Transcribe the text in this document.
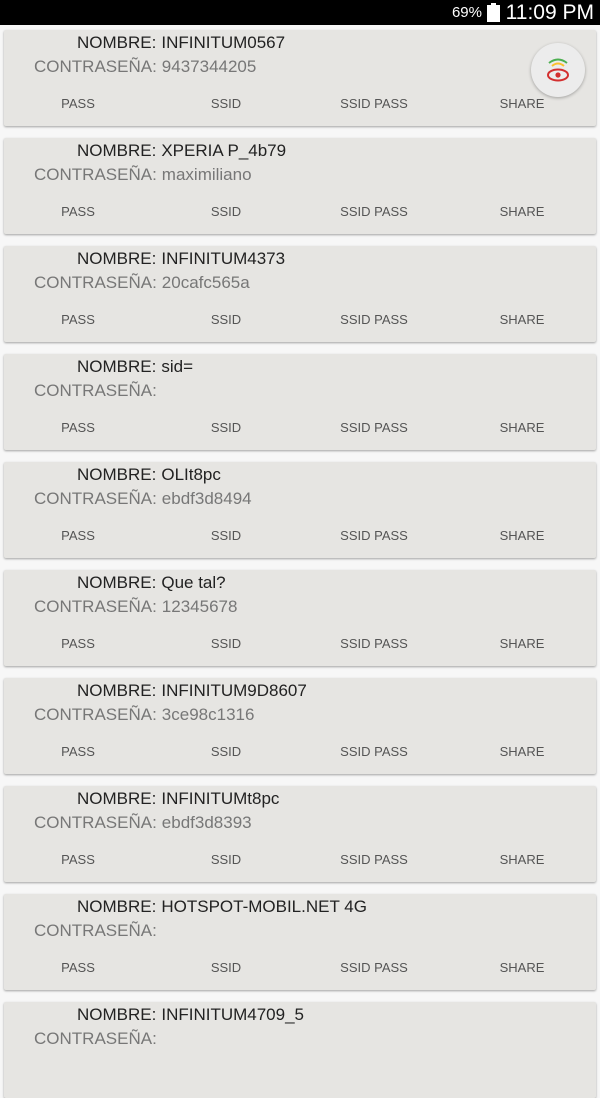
69% 11:09 PM
NOMBRE: INFINITUM0567
CONTRASEÑA: 9437344205
PASS	SSID	SSID PASS	SHARE
NOMBRE: XPERIA P_4b79
CONTRASEÑA: maximiliano
PASS	SSID	SSID PASS	SHARE
NOMBRE: INFINITUM4373
CONTRASEÑA: 20cafc565a
PASS	SSID	SSID PASS	SHARE
NOMBRE: sid=
CONTRASEÑA:
PASS	SSID	SSID PASS	SHARE
NOMBRE: OLIt8pc
CONTRASEÑA: ebdf3d8494
PASS	SSID	SSID PASS	SHARE
NOMBRE: Que tal?
CONTRASEÑA: 12345678
PASS	SSID	SSID PASS	SHARE
NOMBRE: INFINITUM9D8607
CONTRASEÑA: 3ce98c1316
PASS	SSID	SSID PASS	SHARE
NOMBRE: INFINITUMt8pc
CONTRASEÑA: ebdf3d8393
PASS	SSID	SSID PASS	SHARE
NOMBRE: HOTSPOT-MOBIL.NET 4G
CONTRASEÑA:
PASS	SSID	SSID PASS	SHARE
NOMBRE: INFINITUM4709_5
CONTRASEÑA:
